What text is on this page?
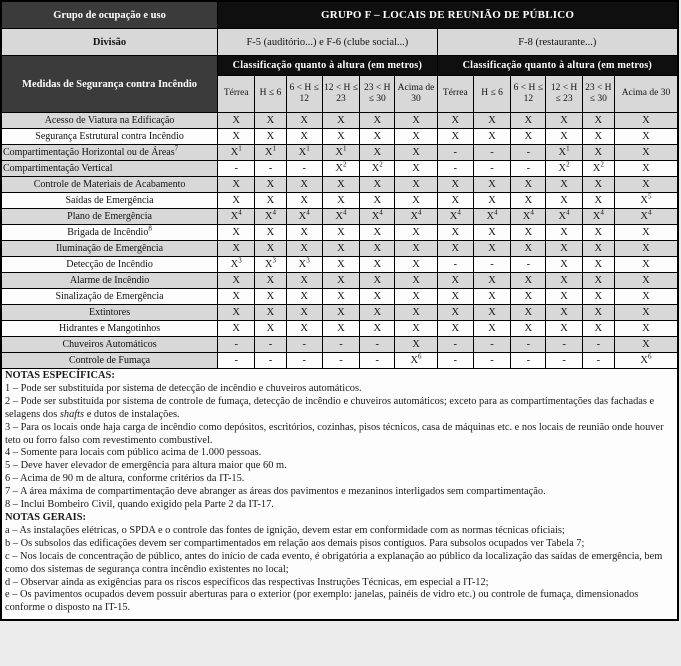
Grupo de ocupação e uso	GRUPO F – LOCAIS DE REUNIÃO DE PÚBLICO											
Divisão	F-5 (auditório...) e F-6 (clube social...)						F-8 (restaurante...)					
Medidas de Segurança contra Incêndio	Classificação quanto à altura (em metros)						Classificação quanto à altura (em metros)					
	Térrea	H ≤ 6	6 < H ≤ 12	12 < H ≤ 23	23 < H ≤ 30	Acima de 30	Térrea	H ≤ 6	6 < H ≤ 12	12 < H ≤ 23	23 < H ≤ 30	Acima de 30
Acesso de Viatura na Edificação	X	X	X	X	X	X	X	X	X	X	X	X
Segurança Estrutural contra Incêndio	X	X	X	X	X	X	X	X	X	X	X	X
Compartimentação Horizontal ou de Áreas$^7$	$X^1$	$X^1$	$X^1$	$X^1$	X	X	-	-	-	$X^1$	X	X
Compartimentação Vertical	-	-	-	$X^2$	$X^2$	X	-	-	-	$X^2$	$X^2$	X
Controle de Materiais de Acabamento	X	X	X	X	X	X	X	X	X	X	X	X
Saídas de Emergência	X	X	X	X	X	X	X	X	X	X	X	$X^5$
Plano de Emergência	$X^4$	$X^4$	$X^4$	$X^4$	$X^4$	$X^4$	$X^4$	$X^4$	$X^4$	$X^4$	$X^4$	$X^4$
Brigada de Incêndio$^8$	X	X	X	X	X	X	X	X	X	X	X	X
Iluminação de Emergência	X	X	X	X	X	X	X	X	X	X	X	X
Detecção de Incêndio	$X^3$	$X^3$	$X^3$	X	X	X	-	-	-	X	X	X
Alarme de Incêndio	X	X	X	X	X	X	X	X	X	X	X	X
Sinalização de Emergência	X	X	X	X	X	X	X	X	X	X	X	X
Extintores	X	X	X	X	X	X	X	X	X	X	X	X
Hidrantes e Mangotinhos	X	X	X	X	X	X	X	X	X	X	X	X
Chuveiros Automáticos	-	-	-	-	-	X	-	-	-	-	-	X
Controle de Fumaça	-	-	-	-	-	$X^6$	-	-	-	-	-	$X^6$

NOTAS ESPECÍFICAS:
1 – Pode ser substituída por sistema de detecção de incêndio e chuveiros automáticos.
2 – Pode ser substituída por sistema de controle de fumaça, detecção de incêndio e chuveiros automáticos; exceto para as compartimentações das fachadas e selagens dos shafts e dutos de instalações.
3 – Para os locais onde haja carga de incêndio como depósitos, escritórios, cozinhas, pisos técnicos, casa de máquinas etc. e nos locais de reunião onde houver teto ou forro falso com revestimento combustível.
4 – Somente para locais com público acima de 1.000 pessoas.
5 – Deve haver elevador de emergência para altura maior que 60 m.
6 – Acima de 90 m de altura, conforme critérios da IT-15.
7 – A área máxima de compartimentação deve abranger as áreas dos pavimentos e mezaninos interligados sem compartimentação.
8 – Inclui Bombeiro Civil, quando exigido pela Parte 2 da IT-17.
NOTAS GERAIS:
a – As instalações elétricas, o SPDA e o controle das fontes de ignição, devem estar em conformidade com as normas técnicas oficiais;
b – Os subsolos das edificações devem ser compartimentados em relação aos demais pisos contíguos. Para subsolos ocupados ver Tabela 7;
c – Nos locais de concentração de público, antes do início de cada evento, é obrigatória a explanação ao público da localização das saídas de emergência, bem como dos sistemas de segurança contra incêndio existentes no local;
d – Observar ainda as exigências para os riscos específicos das respectivas Instruções Técnicas, em especial a IT-12;
e – Os pavimentos ocupados devem possuir aberturas para o exterior (por exemplo: janelas, painéis de vidro etc.) ou controle de fumaça, dimensionados conforme o disposto na IT-15.
